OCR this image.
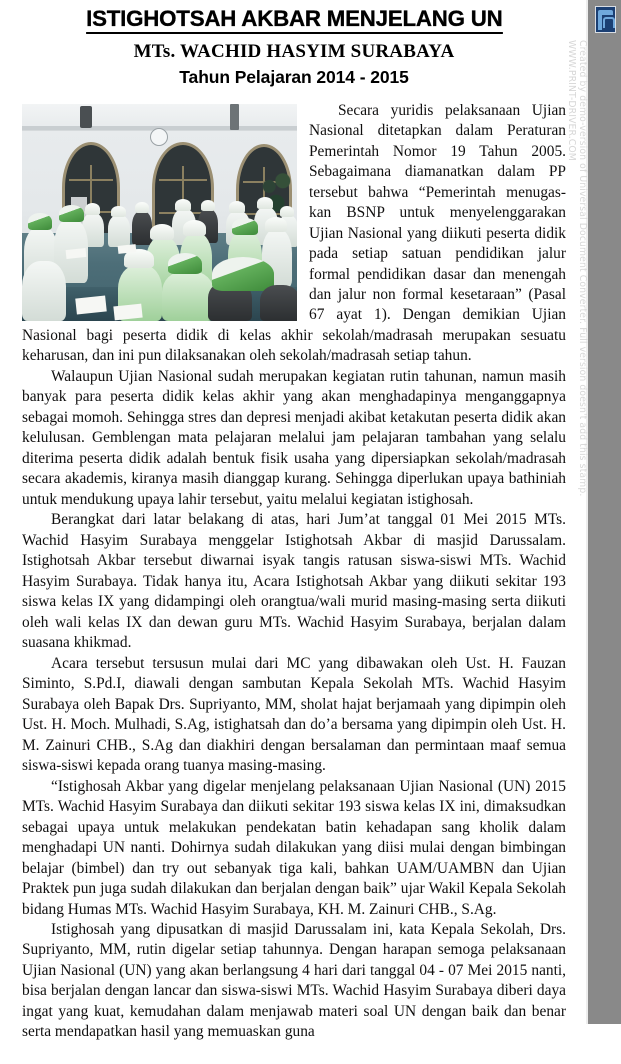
ISTIGHOTSAH AKBAR MENJELANG UN
MTs. WACHID HASYIM SURABAYA
Tahun Pelajaran 2014 - 2015

Secara yuridis pelaksanaan Ujian Nasional ditetapkan dalam Peraturan Pemerintah Nomor 19 Tahun 2005. Sebagaimana diamanatkan dalam PP tersebut bahwa “Pemerintah menugas-kan BSNP untuk menyelenggarakan Ujian Nasional yang diikuti peserta didik pada setiap satuan pendidikan jalur formal pendidikan dasar dan menengah dan jalur non formal kesetaraan” (Pasal 67 ayat 1). Dengan demikian Ujian Nasional bagi peserta didik di kelas akhir sekolah/madrasah merupakan sesuatu keharusan, dan ini pun dilaksanakan oleh sekolah/madrasah setiap tahun.

Walaupun Ujian Nasional sudah merupakan kegiatan rutin tahunan, namun masih banyak para peserta didik kelas akhir yang akan menghadapinya menganggapnya sebagai momoh. Sehingga stres dan depresi menjadi akibat ketakutan peserta didik akan kelulusan. Gemblengan mata pelajaran melalui jam pelajaran tambahan yang selalu diterima peserta didik adalah bentuk fisik usaha yang dipersiapkan sekolah/madrasah secara akademis, kiranya masih dianggap kurang. Sehingga diperlukan upaya bathiniah untuk mendukung upaya lahir tersebut, yaitu melalui kegiatan istighosah.

Berangkat dari latar belakang di atas, hari Jum’at tanggal 01 Mei 2015 MTs. Wachid Hasyim Surabaya menggelar Istighotsah Akbar di masjid Darussalam. Istighotsah Akbar tersebut diwarnai isyak tangis ratusan siswa-siswi MTs. Wachid Hasyim Surabaya. Tidak hanya itu, Acara Istighotsah Akbar yang diikuti sekitar 193 siswa kelas IX yang didampingi oleh orangtua/wali murid masing-masing serta diikuti oleh wali kelas IX dan dewan guru MTs. Wachid Hasyim Surabaya, berjalan dalam suasana khikmad.

Acara tersebut tersusun mulai dari MC yang dibawakan oleh Ust. H. Fauzan Siminto, S.Pd.I, diawali dengan sambutan Kepala Sekolah MTs. Wachid Hasyim Surabaya oleh Bapak Drs. Supriyanto, MM, sholat hajat berjamaah yang dipimpin oleh Ust. H. Moch. Mulhadi, S.Ag, istighatsah dan do’a bersama yang dipimpin oleh Ust. H. M. Zainuri CHB., S.Ag dan diakhiri dengan bersalaman dan permintaan maaf semua siswa-siswi kepada orang tuanya masing-masing.

“Istighosah Akbar yang digelar menjelang pelaksanaan Ujian Nasional (UN) 2015 MTs. Wachid Hasyim Surabaya dan diikuti sekitar 193 siswa kelas IX ini, dimaksudkan sebagai upaya untuk melakukan pendekatan batin kehadapan sang kholik dalam menghadapi UN nanti. Dohirnya sudah dilakukan yang diisi mulai dengan bimbingan belajar (bimbel) dan try out sebanyak tiga kali, bahkan UAM/UAMBN dan Ujian Praktek pun juga sudah dilakukan dan berjalan dengan baik” ujar Wakil Kepala Sekolah bidang Humas MTs. Wachid Hasyim Surabaya, KH. M. Zainuri CHB., S.Ag.

Istighosah yang dipusatkan di masjid Darussalam ini, kata Kepala Sekolah, Drs. Supriyanto, MM, rutin digelar setiap tahunnya. Dengan harapan semoga pelaksanaan Ujian Nasional (UN) yang akan berlangsung 4 hari dari tanggal 04 - 07 Mei 2015 nanti, bisa berjalan dengan lancar dan siswa-siswi MTs. Wachid Hasyim Surabaya diberi daya ingat yang kuat, kemudahan dalam menjawab materi soal UN dengan baik dan benar serta mendapatkan hasil yang memuaskan guna

Created by demo-version of Universal Document Converter. Full version doesn't add this stamp.
WWW.PRINT-DRIVER.COM
